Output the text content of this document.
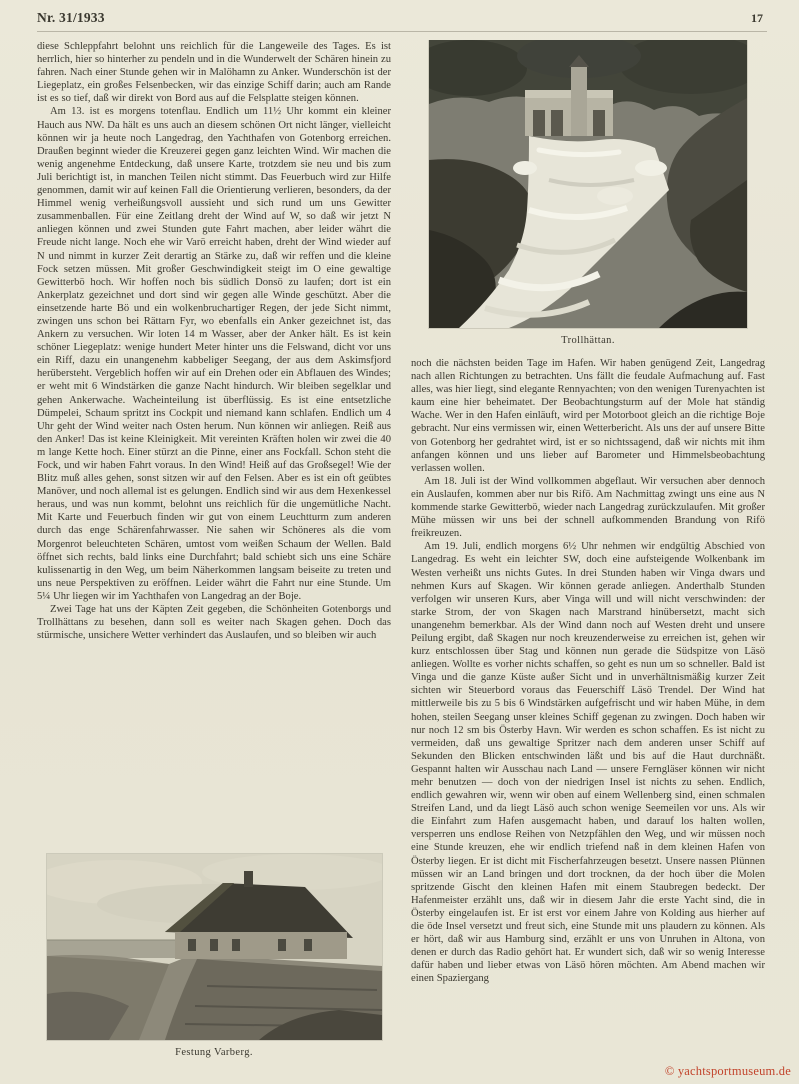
Nr. 31/1933	17

diese Schleppfahrt belohnt uns reichlich für die Langeweile des Tages. Es ist herrlich, hier so hinterher zu pendeln und in die Wunderwelt der Schären hinein zu fahren. Nach einer Stunde gehen wir in Malöhamn zu Anker. Wunderschön ist der Liegeplatz, ein großes Felsenbecken, wir das einzige Schiff darin; auch am Rande ist es so tief, daß wir direkt von Bord aus auf die Felsplatte steigen können.

Am 13. ist es morgens totenflau. Endlich um 11½ Uhr kommt ein kleiner Hauch aus NW. Da hält es uns auch an diesem schönen Ort nicht länger, vielleicht können wir ja heute noch Langedrag, den Yachthafen von Gotenborg erreichen. Draußen beginnt wieder die Kreuzerei gegen ganz leichten Wind. Wir machen die wenig angenehme Entdeckung, daß unsere Karte, trotzdem sie neu und bis zum Juli berichtigt ist, in manchen Teilen nicht stimmt. Das Feuerbuch wird zur Hilfe genommen, damit wir auf keinen Fall die Orientierung verlieren, besonders, da der Himmel wenig verheißungsvoll aussieht und sich rund um uns Gewitter zusammenballen. Für eine Zeitlang dreht der Wind auf W, so daß wir jetzt N anliegen können und zwei Stunden gute Fahrt machen, aber leider währt die Freude nicht lange. Noch ehe wir Varö erreicht haben, dreht der Wind wieder auf N und nimmt in kurzer Zeit derartig an Stärke zu, daß wir reffen und die kleine Fock setzen müssen. Mit großer Geschwindigkeit steigt im O eine gewaltige Gewitterbö hoch. Wir hoffen noch bis südlich Donsö zu laufen; dort ist ein Ankerplatz gezeichnet und dort sind wir gegen alle Winde geschützt. Aber die einsetzende harte Bö und ein wolkenbruchartiger Regen, der jede Sicht nimmt, zwingen uns schon bei Rättarn Fyr, wo ebenfalls ein Anker gezeichnet ist, das Ankern zu versuchen. Wir loten 14 m Wasser, aber der Anker hält. Es ist kein schöner Liegeplatz: wenige hundert Meter hinter uns die Felswand, dicht vor uns ein Riff, dazu ein unangenehm kabbeliger Seegang, der aus dem Askimsfjord herübersteht. Vergeblich hoffen wir auf ein Drehen oder ein Abflauen des Windes; er weht mit 6 Windstärken die ganze Nacht hindurch. Wir bleiben segelklar und gehen Ankerwache. Wacheinteilung ist überflüssig. Es ist eine entsetzliche Dümpelei, Schaum spritzt ins Cockpit und niemand kann schlafen. Endlich um 4 Uhr geht der Wind weiter nach Osten herum. Nun können wir anliegen. Reiß aus den Anker! Das ist keine Kleinigkeit. Mit vereinten Kräften holen wir zwei die 40 m lange Kette hoch. Einer stürzt an die Pinne, einer ans Fockfall. Schon steht die Fock, und wir haben Fahrt voraus. In den Wind! Heiß auf das Großsegel! Wie der Blitz muß alles gehen, sonst sitzen wir auf den Felsen. Aber es ist ein oft geübtes Manöver, und noch allemal ist es gelungen. Endlich sind wir aus dem Hexenkessel heraus, und was nun kommt, belohnt uns reichlich für die ungemütliche Nacht. Mit Karte und Feuerbuch finden wir gut von einem Leuchtturm zum anderen durch das enge Schärenfahrwasser. Nie sahen wir Schöneres als die vom Morgenrot beleuchteten Schären, umtost vom weißen Schaum der Wellen. Bald öffnet sich rechts, bald links eine Durchfahrt; bald schiebt sich uns eine Schäre kulissenartig in den Weg, um beim Näherkommen langsam beiseite zu treten und uns neue Perspektiven zu eröffnen. Leider währt die Fahrt nur eine Stunde. Um 5¼ Uhr liegen wir im Yachthafen von Langedrag an der Boje.

Zwei Tage hat uns der Käpten Zeit gegeben, die Schönheiten Gotenborgs und Trollhättans zu besehen, dann soll es weiter nach Skagen gehen. Doch das stürmische, unsichere Wetter verhindert das Auslaufen, und so bleiben wir auch

Festung Varberg.
Trollhättan.

noch die nächsten beiden Tage im Hafen. Wir haben genügend Zeit, Langedrag nach allen Richtungen zu betrachten. Uns fällt die feudale Aufmachung auf. Fast alles, was hier liegt, sind elegante Rennyachten; von den wenigen Turenyachten ist kaum eine hier beheimatet. Der Beobachtungsturm auf der Mole hat ständig Wache. Wer in den Hafen einläuft, wird per Motorboot gleich an die richtige Boje gebracht. Nur eins vermissen wir, einen Wetterbericht. Als uns der auf unsere Bitte von Gotenborg her gedrahtet wird, ist er so nichtssagend, daß wir nichts mit ihm anfangen können und uns lieber auf Barometer und Himmelsbeobachtung verlassen wollen.

Am 18. Juli ist der Wind vollkommen abgeflaut. Wir versuchen aber dennoch ein Auslaufen, kommen aber nur bis Rifö. Am Nachmittag zwingt uns eine aus N kommende starke Gewitterbö, wieder nach Langedrag zurückzulaufen. Mit großer Mühe müssen wir uns bei der schnell aufkommenden Brandung von Rifö freikreuzen.

Am 19. Juli, endlich morgens 6½ Uhr nehmen wir endgültig Abschied von Langedrag. Es weht ein leichter SW, doch eine aufsteigende Wolkenbank im Westen verheißt uns nichts Gutes. In drei Stunden haben wir Vinga dwars und nehmen Kurs auf Skagen. Wir können gerade anliegen. Anderthalb Stunden verfolgen wir unseren Kurs, aber Vinga will und will nicht verschwinden: der starke Strom, der von Skagen nach Marstrand hinübersetzt, macht sich unangenehm bemerkbar. Als der Wind dann noch auf Westen dreht und unsere Peilung ergibt, daß Skagen nur noch kreuzenderweise zu erreichen ist, gehen wir kurz entschlossen über Stag und können nun gerade die Südspitze von Läsö anliegen. Wollte es vorher nichts schaffen, so geht es nun um so schneller. Bald ist Vinga und die ganze Küste außer Sicht und in unverhältnismäßig kurzer Zeit sichten wir Steuerbord voraus das Feuerschiff Läsö Trendel. Der Wind hat mittlerweile bis zu 5 bis 6 Windstärken aufgefrischt und wir haben Mühe, in dem hohen, steilen Seegang unser kleines Schiff gegenan zu zwingen. Doch haben wir nur noch 12 sm bis Österby Havn. Wir werden es schon schaffen. Es ist nicht zu vermeiden, daß uns gewaltige Spritzer nach dem anderen unser Schiff auf Sekunden den Blicken entschwinden läßt und bis auf die Haut durchnäßt. Gespannt halten wir Ausschau nach Land — unsere Ferngläser können wir nicht mehr benutzen — doch von der niedrigen Insel ist nichts zu sehen. Endlich, endlich gewahren wir, wenn wir oben auf einem Wellenberg sind, einen schmalen Streifen Land, und da liegt Läsö auch schon wenige Seemeilen vor uns. Als wir die Einfahrt zum Hafen ausgemacht haben, und darauf los halten wollen, versperren uns endlose Reihen von Netzpfählen den Weg, und wir müssen noch eine Stunde kreuzen, ehe wir endlich triefend naß in dem kleinen Hafen von Österby liegen. Er ist dicht mit Fischerfahrzeugen besetzt. Unsere nassen Plünnen müssen wir an Land bringen und dort trocknen, da der hoch über die Molen spritzende Gischt den kleinen Hafen mit einem Staubregen bedeckt. Der Hafenmeister erzählt uns, daß wir in diesem Jahr die erste Yacht sind, die in Österby eingelaufen ist. Er ist erst vor einem Jahre von Kolding aus hierher auf die öde Insel versetzt und freut sich, eine Stunde mit uns plaudern zu können. Als er hört, daß wir aus Hamburg sind, erzählt er uns von Unruhen in Altona, von denen er durch das Radio gehört hat. Er wundert sich, daß wir so wenig Interesse dafür haben und lieber etwas von Läsö hören möchten. Am Abend machen wir einen Spaziergang

© yachtsportmuseum.de
